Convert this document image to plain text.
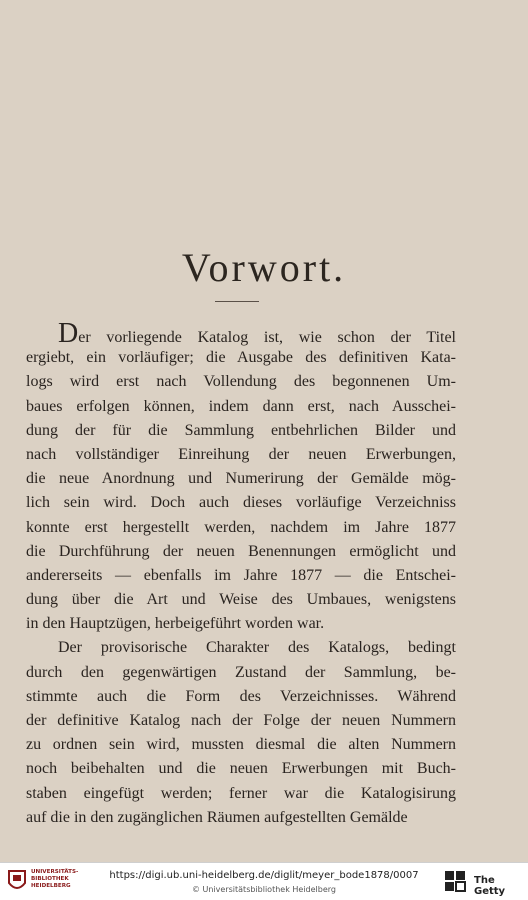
Vorwort.
Der vorliegende Katalog ist, wie schon der Titel
ergiebt, ein vorläufiger; die Ausgabe des definitiven Kata-
logs wird erst nach Vollendung des begonnenen Um-
baues erfolgen können, indem dann erst, nach Ausschei-
dung der für die Sammlung entbehrlichen Bilder und
nach vollständiger Einreihung der neuen Erwerbungen,
die neue Anordnung und Numerirung der Gemälde mög-
lich sein wird. Doch auch dieses vorläufige Verzeichniss
konnte erst hergestellt werden, nachdem im Jahre 1877
die Durchführung der neuen Benennungen ermöglicht und
andererseits — ebenfalls im Jahre 1877 — die Entschei-
dung über die Art und Weise des Umbaues, wenigstens
in den Hauptzügen, herbeigeführt worden war.
Der provisorische Charakter des Katalogs, bedingt
durch den gegenwärtigen Zustand der Sammlung, be-
stimmte auch die Form des Verzeichnisses. Während
der definitive Katalog nach der Folge der neuen Nummern
zu ordnen sein wird, mussten diesmal die alten Nummern
noch beibehalten und die neuen Erwerbungen mit Buch-
staben eingefügt werden; ferner war die Katalogisirung
auf die in den zugänglichen Räumen aufgestellten Gemälde
UNIVERSITÄTS-
BIBLIOTHEK
HEIDELBERG
https://digi.ub.uni-heidelberg.de/diglit/meyer_bode1878/0007
© Universitätsbibliothek Heidelberg
The Getty
